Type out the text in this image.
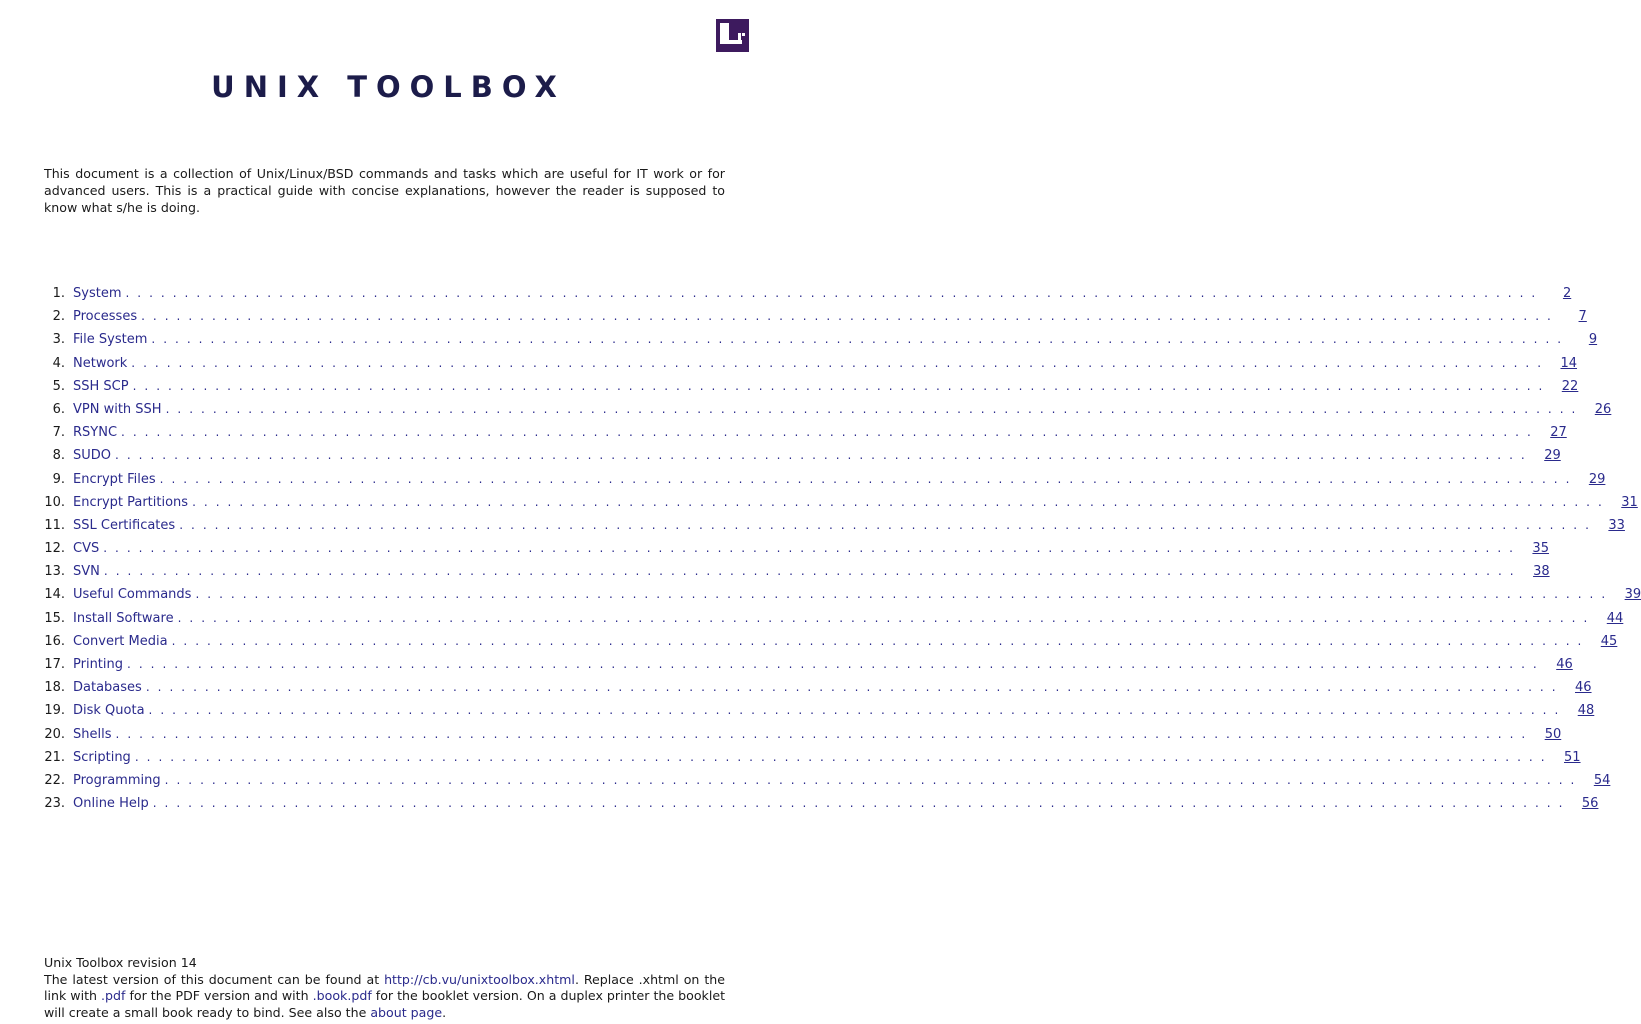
UNIX TOOLBOX

This document is a collection of Unix/Linux/BSD commands and tasks which are useful for IT work or for advanced users. This is a practical guide with concise explanations, however the reader is supposed to know what s/he is doing.

1. System ........................................................................................................................	2
2. Processes ........................................................................................................................	7
3. File System ........................................................................................................................	9
4. Network ........................................................................................................................ 14
5. SSH SCP ........................................................................................................................ 22
6. VPN with SSH ........................................................................................................................ 26
7. RSYNC ........................................................................................................................ 27
8. SUDO ........................................................................................................................ 29
9. Encrypt Files ........................................................................................................................ 29
10. Encrypt Partitions ........................................................................................................................ 31
11. SSL Certificates ........................................................................................................................ 33
12. CVS ........................................................................................................................ 35
13. SVN ........................................................................................................................ 38
14. Useful Commands ........................................................................................................................ 39
15. Install Software ........................................................................................................................ 44
16. Convert Media ........................................................................................................................ 45
17. Printing ........................................................................................................................ 46
18. Databases ........................................................................................................................ 46
19. Disk Quota ........................................................................................................................ 48
20. Shells ........................................................................................................................ 50
21. Scripting ........................................................................................................................ 51
22. Programming ........................................................................................................................ 54
23. Online Help ........................................................................................................................ 56

Unix Toolbox revision 14

The latest version of this document can be found at http://cb.vu/unixtoolbox.xhtml. Replace .xhtml on the link with .pdf for the PDF version and with .book.pdf for the booklet version. On a duplex printer the booklet will create a small book ready to bind. See also the about page.
